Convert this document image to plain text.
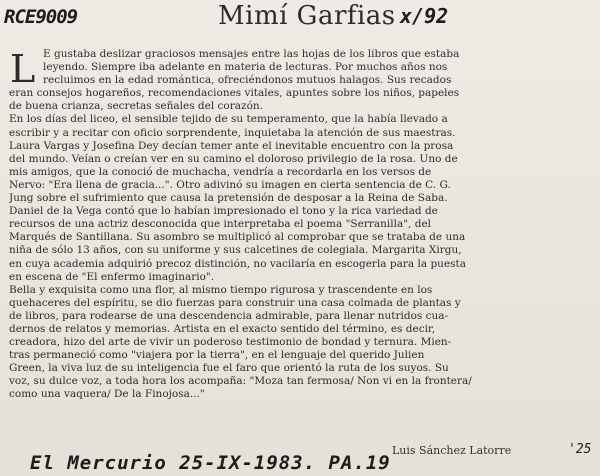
RCE9009	Mimí Garfias x/92
L E gustaba deslizar graciosos mensajes entre las hojas de los libros que estaba
leyendo. Siempre iba adelante en materia de lecturas. Por muchos años nos
recluimos en la edad romántica, ofreciéndonos mutuos halagos. Sus recados
eran consejos hogareños, recomendaciones vitales, apuntes sobre los niños, papeles
de buena crianza, secretas señales del corazón.
En los días del liceo, el sensible tejido de su temperamento, que la había llevado a
escribir y a recitar con oficio sorprendente, inquietaba la atención de sus maestras.
Laura Vargas y Josefina Dey decían temer ante el inevitable encuentro con la prosa
del mundo. Veían o creían ver en su camino el doloroso privilegio de la rosa. Uno de
mis amigos, que la conoció de muchacha, vendría a recordarla en los versos de
Nervo: "Era llena de gracia...". Otro adivinó su imagen en cierta sentencia de C. G.
Jung sobre el sufrimiento que causa la pretensión de desposar a la Reina de Saba.
Daniel de la Vega contó que lo habían impresionado el tono y la rica variedad de
recursos de una actriz desconocida que interpretaba el poema "Serranilla", del
Marqués de Santillana. Su asombro se multiplicó al comprobar que se trataba de una
niña de sólo 13 años, con su uniforme y sus calcetines de colegiala. Margarita Xirgu,
en cuya academia adquirió precoz distinción, no vacilaría en escogerla para la puesta
en escena de "El enfermo imaginario".
Bella y exquisita como una flor, al mismo tiempo rigurosa y trascendente en los
quehaceres del espíritu, se dio fuerzas para construir una casa colmada de plantas y
de libros, para rodearse de una descendencia admirable, para llenar nutridos cua-
dernos de relatos y memorias. Artista en el exacto sentido del término, es decir,
creadora, hizo del arte de vivir un poderoso testimonio de bondad y ternura. Mien-
tras permaneció como "viajera por la tierra", en el lenguaje del querido Julien
Green, la viva luz de su inteligencia fue el faro que orientó la ruta de los suyos. Su
voz, su dulce voz, a toda hora los acompaña: "Moza tan fermosa/ Non vi en la frontera/
como una vaquera/ De la Finojosa..."
Luis Sánchez Latorre	'25
El Mercurio 25-IX-1983. PA.19
